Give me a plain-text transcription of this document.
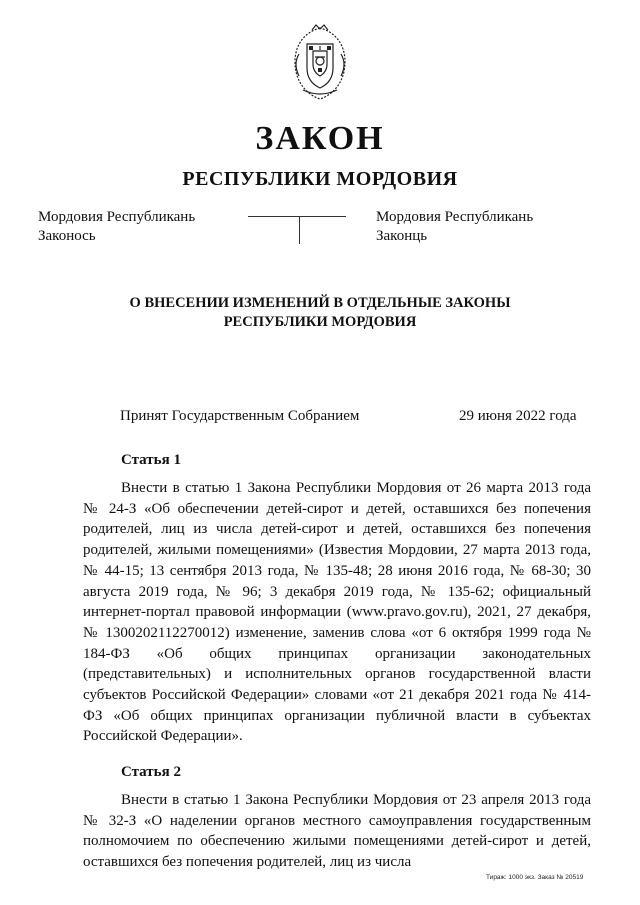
ЗАКОН
РЕСПУБЛИКИ МОРДОВИЯ
Мордовия Республикань
Законось
Мордовия Республикань
Законць
О ВНЕСЕНИИ ИЗМЕНЕНИЙ В ОТДЕЛЬНЫЕ ЗАКОНЫ
РЕСПУБЛИКИ МОРДОВИЯ
Принят Государственным Собранием	29 июня 2022 года
Статья 1

Внести в статью 1 Закона Республики Мордовия от 26 марта 2013 года № 24-З «Об обеспечении детей-сирот и детей, оставшихся без попечения родителей, лиц из числа детей-сирот и детей, оставшихся без попечения родителей, жилыми помещениями» (Известия Мордовии, 27 марта 2013 года, № 44-15; 13 сентября 2013 года, № 135-48; 28 июня 2016 года, № 68-30; 30 августа 2019 года, № 96; 3 декабря 2019 года, № 135-62; официальный интернет-портал правовой информации (www.pravo.gov.ru), 2021, 27 декабря, № 1300202112270012) изменение, заменив слова «от 6 октября 1999 года № 184-ФЗ «Об общих принципах организации законодательных (представительных) и исполнительных органов государственной власти субъектов Российской Федерации» словами «от 21 декабря 2021 года № 414-ФЗ «Об общих принципах организации публичной власти в субъектах Российской Федерации».

Статья 2

Внести в статью 1 Закона Республики Мордовия от 23 апреля 2013 года № 32-З «О наделении органов местного самоуправления государственным полномочием по обеспечению жилыми помещениями детей-сирот и детей, оставшихся без попечения родителей, лиц из числа

Тираж: 1000 экз. Заказ № 20519
